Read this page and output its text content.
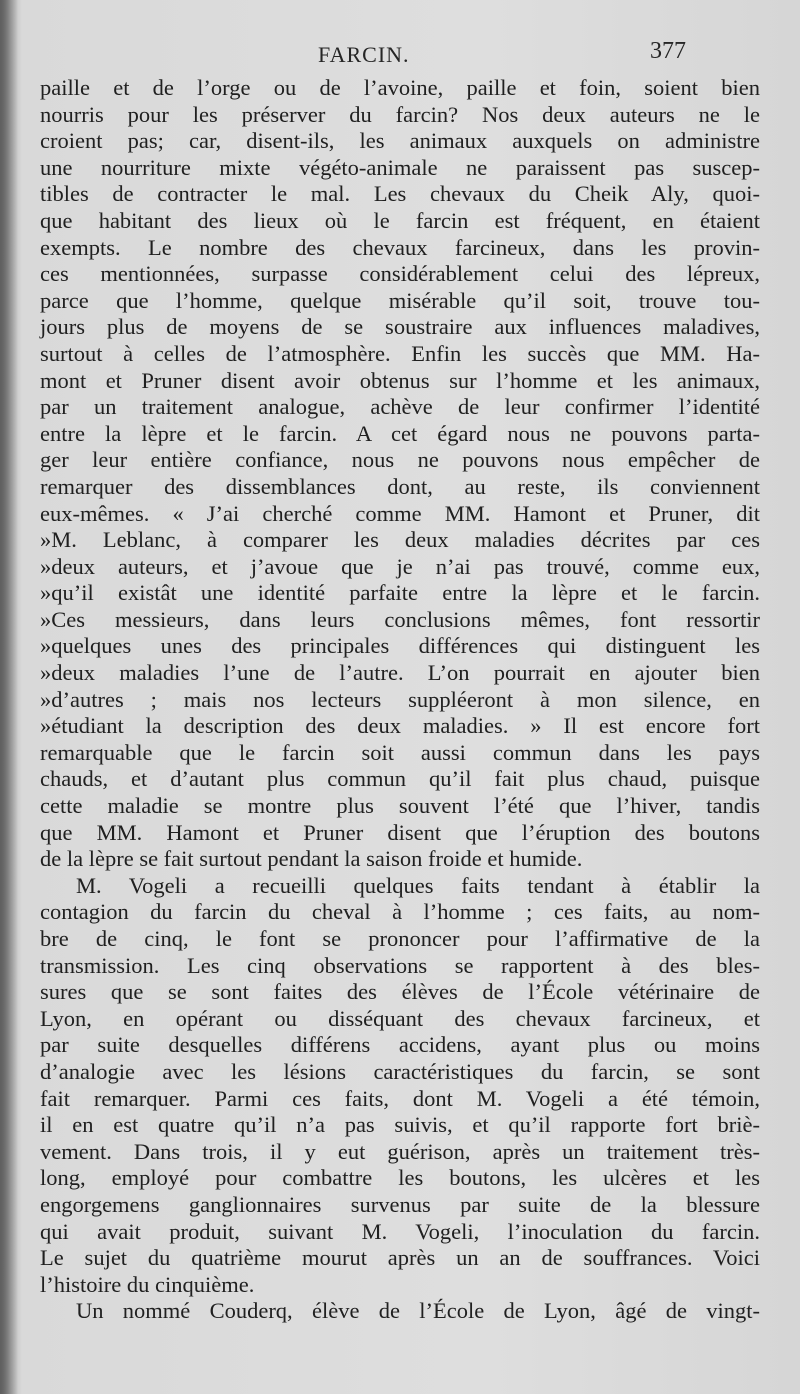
FARCIN.	377
paille et de l’orge ou de l’avoine, paille et foin, soient bien
nourris pour les préserver du farcin? Nos deux auteurs ne le
croient pas; car, disent-ils, les animaux auxquels on administre
une nourriture mixte végéto-animale ne paraissent pas suscep-
tibles de contracter le mal. Les chevaux du Cheik Aly, quoi-
que habitant des lieux où le farcin est fréquent, en étaient
exempts. Le nombre des chevaux farcineux, dans les provin-
ces mentionnées, surpasse considérablement celui des lépreux,
parce que l’homme, quelque misérable qu’il soit, trouve tou-
jours plus de moyens de se soustraire aux influences maladives,
surtout à celles de l’atmosphère. Enfin les succès que MM. Ha-
mont et Pruner disent avoir obtenus sur l’homme et les animaux,
par un traitement analogue, achève de leur confirmer l’identité
entre la lèpre et le farcin. A cet égard nous ne pouvons parta-
ger leur entière confiance, nous ne pouvons nous empêcher de
remarquer des dissemblances dont, au reste, ils conviennent
eux-mêmes. « J’ai cherché comme MM. Hamont et Pruner, dit
»M. Leblanc, à comparer les deux maladies décrites par ces
»deux auteurs, et j’avoue que je n’ai pas trouvé, comme eux,
»qu’il existât une identité parfaite entre la lèpre et le farcin.
»Ces messieurs, dans leurs conclusions mêmes, font ressortir
»quelques unes des principales différences qui distinguent les
»deux maladies l’une de l’autre. L’on pourrait en ajouter bien
»d’autres ; mais nos lecteurs suppléeront à mon silence, en
»étudiant la description des deux maladies. » Il est encore fort
remarquable que le farcin soit aussi commun dans les pays
chauds, et d’autant plus commun qu’il fait plus chaud, puisque
cette maladie se montre plus souvent l’été que l’hiver, tandis
que MM. Hamont et Pruner disent que l’éruption des boutons
de la lèpre se fait surtout pendant la saison froide et humide.
M. Vogeli a recueilli quelques faits tendant à établir la
contagion du farcin du cheval à l’homme ; ces faits, au nom-
bre de cinq, le font se prononcer pour l’affirmative de la
transmission. Les cinq observations se rapportent à des bles-
sures que se sont faites des élèves de l’École vétérinaire de
Lyon, en opérant ou disséquant des chevaux farcineux, et
par suite desquelles différens accidens, ayant plus ou moins
d’analogie avec les lésions caractéristiques du farcin, se sont
fait remarquer. Parmi ces faits, dont M. Vogeli a été témoin,
il en est quatre qu’il n’a pas suivis, et qu’il rapporte fort briè-
vement. Dans trois, il y eut guérison, après un traitement très-
long, employé pour combattre les boutons, les ulcères et les
engorgemens ganglionnaires survenus par suite de la blessure
qui avait produit, suivant M. Vogeli, l’inoculation du farcin.
Le sujet du quatrième mourut après un an de souffrances. Voici
l’histoire du cinquième.
Un nommé Couderq, élève de l’École de Lyon, âgé de vingt-
